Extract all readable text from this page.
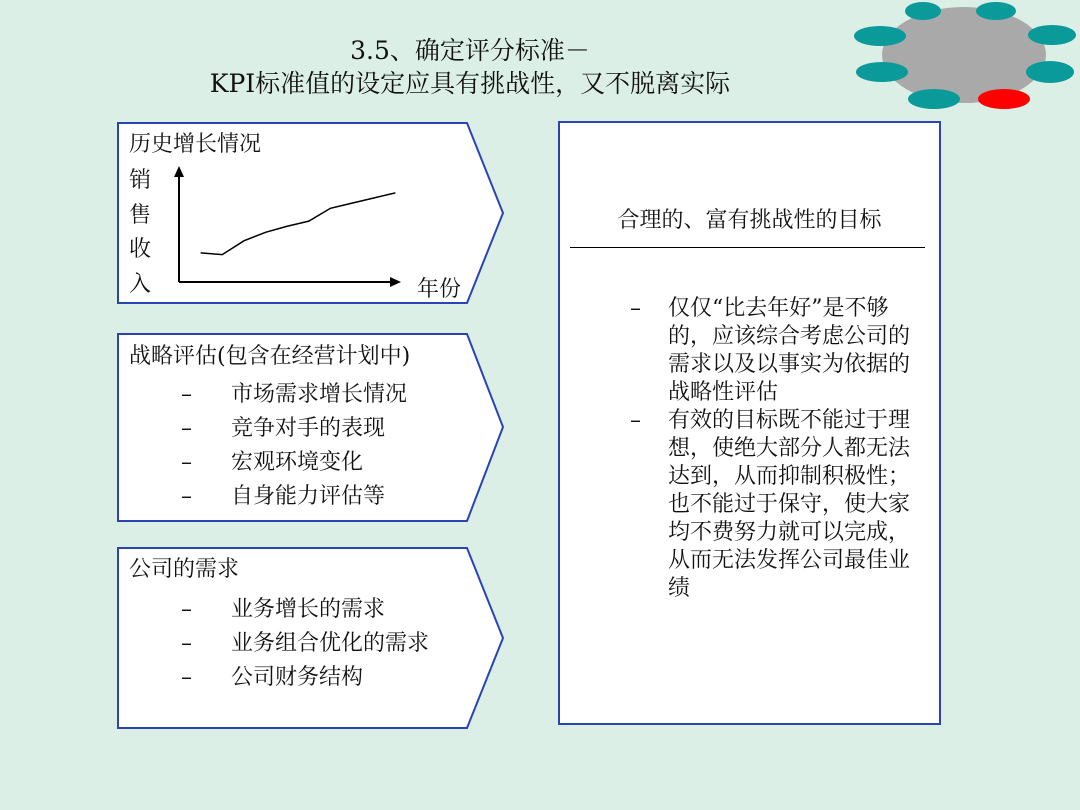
3.5、确定评分标准－
KPI标准值的设定应具有挑战性，又不脱离实际
历史增长情况
销
售
收
入	年份
战略评估(包含在经营计划中)
– 市场需求增长情况
– 竞争对手的表现
– 宏观环境变化
– 自身能力评估等
公司的需求
– 业务增长的需求
– 业务组合优化的需求
– 公司财务结构
合理的、富有挑战性的目标
– 仅仅“比去年好”是不够的，应该综合考虑公司的需求以及以事实为依据的战略性评估
– 有效的目标既不能过于理想，使绝大部分人都无法达到，从而抑制积极性；也不能过于保守，使大家均不费努力就可以完成，从而无法发挥公司最佳业绩
